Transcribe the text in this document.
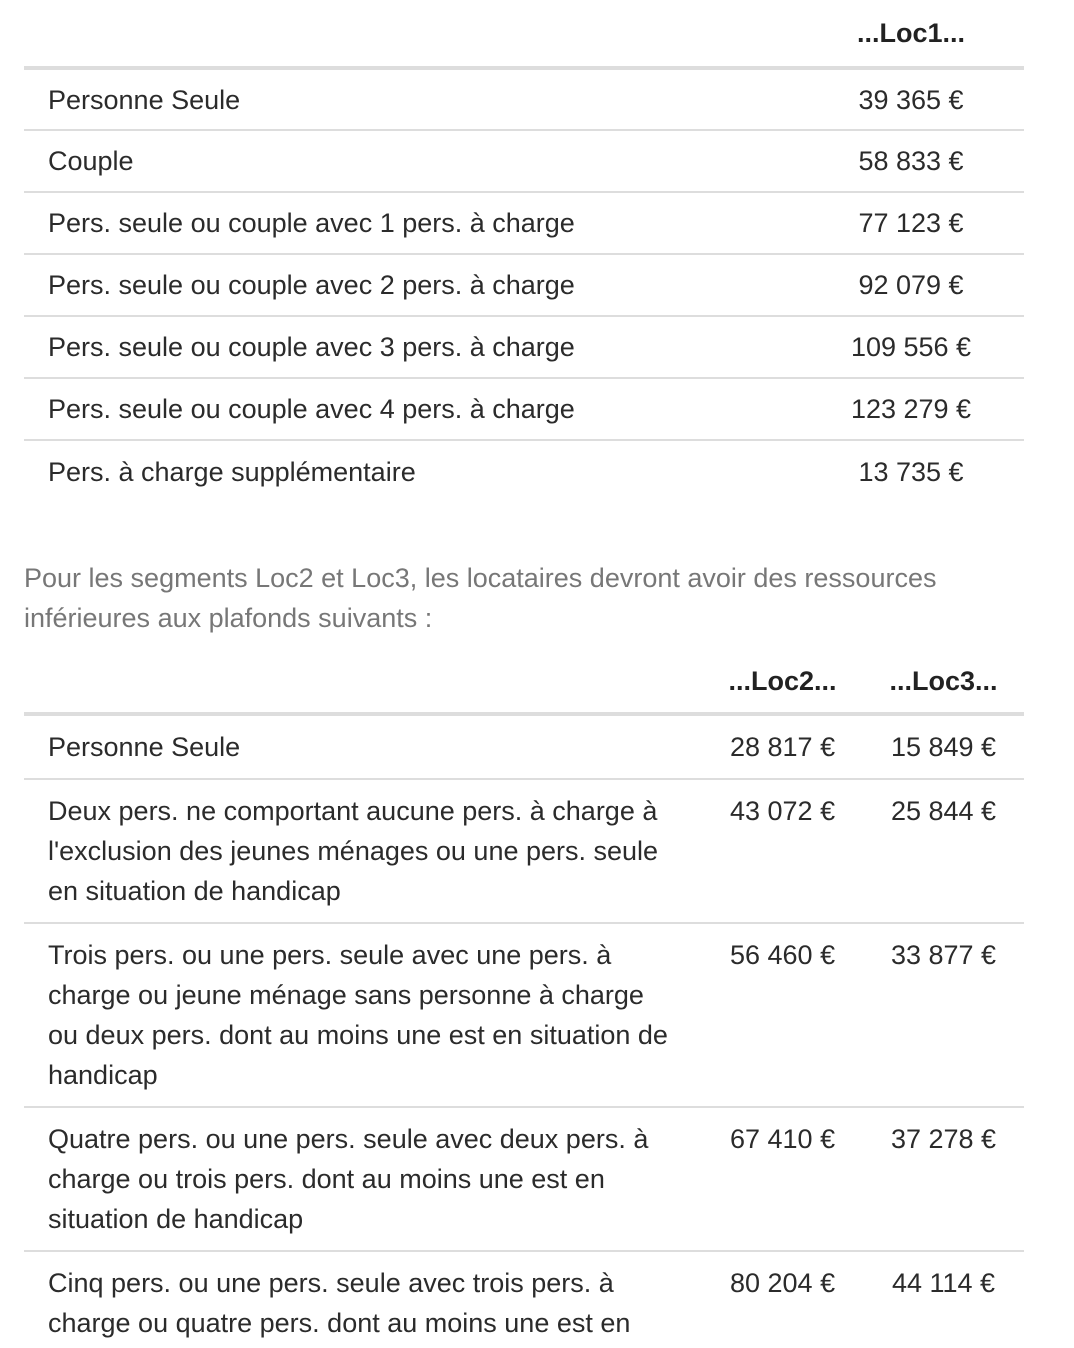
	...Loc1...
Personne Seule	39 365 €
Couple	58 833 €
Pers. seule ou couple avec 1 pers. à charge	77 123 €
Pers. seule ou couple avec 2 pers. à charge	92 079 €
Pers. seule ou couple avec 3 pers. à charge	109 556 €
Pers. seule ou couple avec 4 pers. à charge	123 279 €
Pers. à charge supplémentaire	13 735 €

Pour les segments Loc2 et Loc3, les locataires devront avoir des ressources inférieures aux plafonds suivants :

	...Loc2...	...Loc3...

Personne Seule	28 817 €	15 849 €

Deux pers. ne comportant aucune pers. à charge à l'exclusion des jeunes ménages ou une pers. seule en situation de handicap	43 072 €	25 844 €

Trois pers. ou une pers. seule avec une pers. à charge ou jeune ménage sans personne à charge ou deux pers. dont au moins une est en situation de handicap	56 460 €	33 877 €

Quatre pers. ou une pers. seule avec deux pers. à charge ou trois pers. dont au moins une est en situation de handicap	67 410 €	37 278 €

Cinq pers. ou une pers. seule avec trois pers. à charge ou quatre pers. dont au moins une est en	80 204 €	44 114 €
